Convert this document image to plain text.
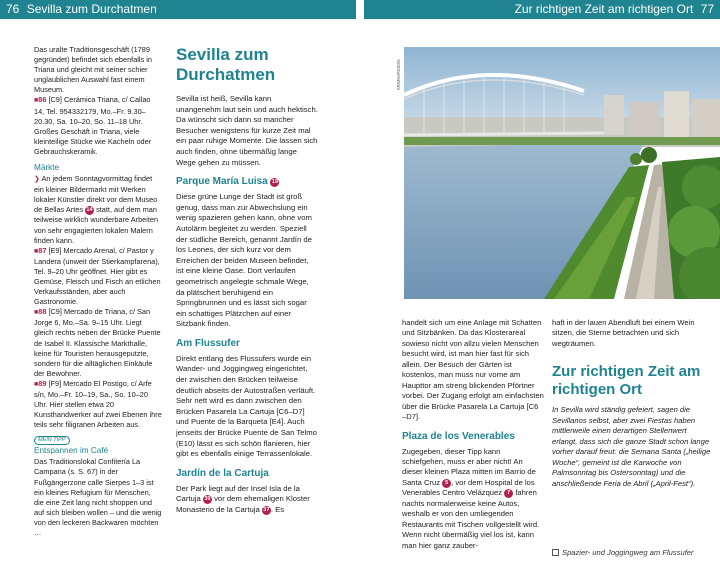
76 Sevilla zum Durchatmen	Zur richtigen Zeit am richtigen Ort 77

Das uralte Traditionsgeschäft (1789 gegründet) befindet sich ebenfalls in Triana und gleicht mit seiner schier unglaublichen Auswahl fast einem Museum.

■86 [C9] Cerámica Triana, c/ Callao 14, Tel. 954332179, Mo.–Fr. 9.30–20.30, Sa. 10–20, So. 11–18 Uhr. Großes Geschäft in Triana, viele kleinteilige Stücke wie Kacheln oder Gebrauchskeramik.

Märkte

❯ An jedem Sonntagvormittag findet ein kleiner Bildermarkt mit Werken lokaler Künstler direkt vor dem Museo de Bellas Artes 14 statt, auf dem man teilweise wirklich wunderbare Arbeiten von sehr engagierten lokalen Malern finden kann.

■87 [E9] Mercado Arenal, c/ Pastor y Landera (unweit der Stierkampfarena), Tel. 9–20 Uhr geöffnet. Hier gibt es Gemüse, Fleisch und Fisch an etlichen Verkaufsständen, aber auch Gastronomie.

■88 [C9] Mercado de Triana, c/ San Jorge 6, Mo.–Sa. 9–15 Uhr. Liegt gleich rechts neben der Brücke Puente de Isabel II. Klassische Markthalle, keine für Touristen herausgeputzte, sondern für die alltäglichen Einkäufe der Bewohner.

■89 [F9] Mercado El Postigo, c/ Arfe s/n, Mo.–Fr. 10–19, Sa., So. 10–20 Uhr. Hier stellen etwa 20 Kunsthandwerker auf zwei Ebenen ihre teils sehr filigranen Arbeiten aus.

MEIN TIPP
Entspannen im Café

Das Traditionslokal Confitería La Campana (s. S. 67) in der Fußgängerzone calle Sierpes 1–3 ist ein kleines Refugium für Menschen, die eine Zeit lang nicht shoppen und auf sich bleiben wollen – und die wenig von den leckeren Backwaren möchten …

Sevilla zum Durchatmen

Sevilla ist heiß, Sevilla kann unangenehm laut sein und auch hektisch. Da wünscht sich dann so mancher Besucher wenigstens für kurze Zeit mal ein paar ruhige Momente. Die lassen sich auch finden, ohne übermäßig lange Wege gehen zu müssen.

Parque María Luisa 19

Diese grüne Lunge der Stadt ist groß genug, dass man zur Abwechslung ein wenig spazieren gehen kann, ohne vom Autolärm begleitet zu werden. Speziell der südliche Bereich, genannt Jardín de los Leones, der sich kurz vor dem Erreichen der beiden Museen befindet, ist eine kleine Oase. Dort verlaufen geometrisch angelegte schmale Wege, da plätschert beruhigend ein Springbrunnen und es lässt sich sogar ein schattiges Plätzchen auf einer Sitzbank finden.

Am Flussufer

Direkt entlang des Flussufers wurde ein Wander- und Joggingweg eingerichtet, der zwischen den Brücken teilweise deutlich abseits der Autostraßen verläuft. Sehr nett wird es dann zwischen den Brücken Pasarela La Cartuja [C6–D7] und Puente de la Barqueta [E4]. Auch jenseits der Brücke Puente de San Telmo (E10) lässt es sich schön flanieren, hier gibt es ebenfalls einige Terrassenlokale.

Jardín de la Cartuja

Der Park liegt auf der Insel Isla de la Cartuja 39 vor dem ehemaligen Kloster Monasterio de la Cartuja 37. Es

KRIMHI/RIOE05

handelt sich um eine Anlage mit Schatten und Sitzbänken. Da das Klosterareal sowieso nicht von allzu vielen Menschen besucht wird, ist man hier fast für sich allein. Der Besuch der Gärten ist kostenlos, man muss nur vorne am Haupttor am streng blickenden Pförtner vorbei. Der Zugang erfolgt am einfachsten über die Brücke Pasarela La Cartuja [C6 –D7].

Plaza de los Venerables

Zugegeben, dieser Tipp kann schiefgehen, muss er aber nicht! An dieser kleinen Plaza mitten im Barrio de Santa Cruz 5 , vor dem Hospital de los Venerables Centro Velázquez 7 fahren nachts normalerweise keine Autos, weshalb er von den umliegenden Restaurants mit Tischen vollgestellt wird. Wenn nicht übermäßig viel los ist, kann man hier ganz zauber-

haft in der lauen Abendluft bei einem Wein sitzen, die Sterne betrachten und sich wegträumen.

Zur richtigen Zeit am richtigen Ort

In Sevilla wird ständig gefeiert, sagen die Sevillanos selbst, aber zwei Fiestas haben mittlerweile einen derartigen Stellenwert erlangt, dass sich die ganze Stadt schon lange vorher darauf freut: die Semana Santa („heilige Woche“, gemeint ist die Karwoche von Palmsonntag bis Ostersonntag) und die anschließende Feria de Abril („April-Fest“).

Spazier- und Joggingweg am Flussufer
